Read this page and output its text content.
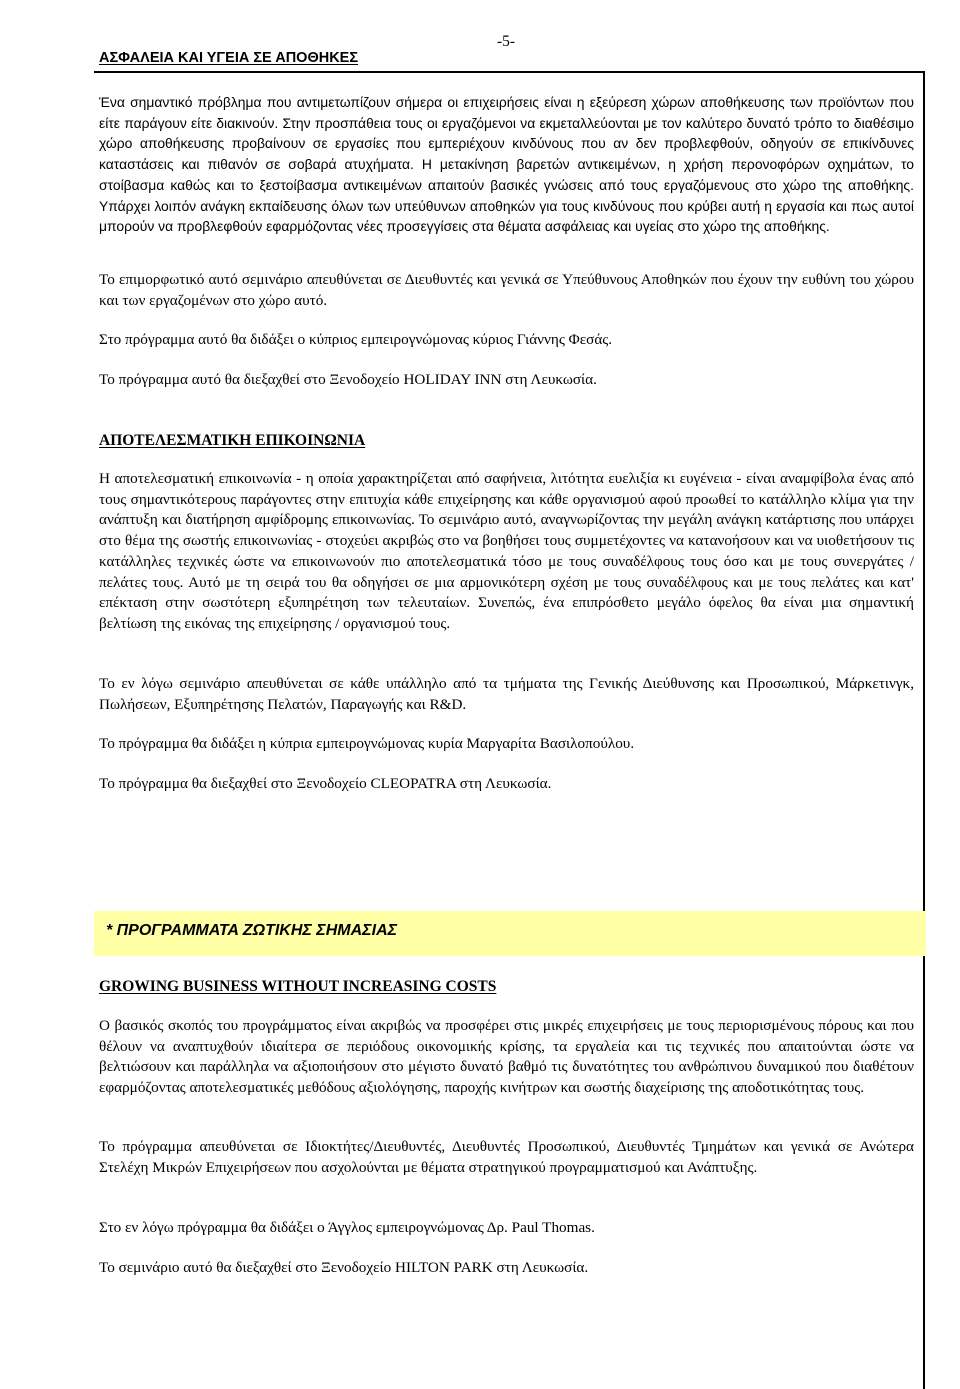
-5-
ΑΣΦΑΛΕΙΑ ΚΑΙ ΥΓΕΙΑ ΣΕ ΑΠΟΘΗΚΕΣ

Ένα σημαντικό πρόβλημα που αντιμετωπίζουν σήμερα οι επιχειρήσεις είναι η εξεύρεση χώρων αποθήκευσης των προϊόντων που είτε παράγουν είτε διακινούν. Στην προσπάθεια τους οι εργαζόμενοι να εκμεταλλεύονται με τον καλύτερο δυνατό τρόπο το διαθέσιμο χώρο αποθήκευσης προβαίνουν σε εργασίες που εμπεριέχουν κινδύνους που αν δεν προβλεφθούν, οδηγούν σε επικίνδυνες καταστάσεις και πιθανόν σε σοβαρά ατυχήματα. Η μετακίνηση βαρετών αντικειμένων, η χρήση περονοφόρων οχημάτων, το στοίβασμα καθώς και το ξεστοίβασμα αντικειμένων απαιτούν βασικές γνώσεις από τους εργαζόμενους στο χώρο της αποθήκης. Υπάρχει λοιπόν ανάγκη εκπαίδευσης όλων των υπεύθυνων αποθηκών για τους κινδύνους που κρύβει αυτή η εργασία και πως αυτοί μπορούν να προβλεφθούν εφαρμόζοντας νέες προσεγγίσεις στα θέματα ασφάλειας και υγείας στο χώρο της αποθήκης.

Το επιμορφωτικό αυτό σεμινάριο απευθύνεται σε Διευθυντές και γενικά σε Υπεύθυνους Αποθηκών που έχουν την ευθύνη του χώρου και των εργαζομένων στο χώρο αυτό.

Στο πρόγραμμα αυτό θα διδάξει ο κύπριος εμπειρογνώμονας κύριος Γιάννης Φεσάς.
Το πρόγραμμα αυτό θα διεξαχθεί στο Ξενοδοχείο HOLIDAY INN στη Λευκωσία.
ΑΠΟΤΕΛΕΣΜΑΤΙΚΗ ΕΠΙΚΟΙΝΩΝΙΑ

Η αποτελεσματική επικοινωνία - η οποία χαρακτηρίζεται από σαφήνεια, λιτότητα ευελιξία κι ευγένεια - είναι αναμφίβολα ένας από τους σημαντικότερους παράγοντες στην επιτυχία κάθε επιχείρησης και κάθε οργανισμού αφού προωθεί το κατάλληλο κλίμα για την ανάπτυξη και διατήρηση αμφίδρομης επικοινωνίας. Το σεμινάριο αυτό, αναγνωρίζοντας την μεγάλη ανάγκη κατάρτισης που υπάρχει στο θέμα της σωστής επικοινωνίας - στοχεύει ακριβώς στο να βοηθήσει τους συμμετέχοντες να κατανοήσουν και να υιοθετήσουν τις κατάλληλες τεχνικές ώστε να επικοινωνούν πιο αποτελεσματικά τόσο με τους συναδέλφους τους όσο και με τους συνεργάτες / πελάτες τους. Αυτό με τη σειρά του θα οδηγήσει σε μια αρμονικότερη σχέση με τους συναδέλφους και με τους πελάτες και κατ' επέκταση στην σωστότερη εξυπηρέτηση των τελευταίων. Συνεπώς, ένα επιπρόσθετο μεγάλο όφελος θα είναι μια σημαντική βελτίωση της εικόνας της επιχείρησης / οργανισμού τους.

Το εν λόγω σεμινάριο απευθύνεται σε κάθε υπάλληλο από τα τμήματα της Γενικής Διεύθυνσης και Προσωπικού, Μάρκετινγκ, Πωλήσεων, Εξυπηρέτησης Πελατών, Παραγωγής και R&D.

Το πρόγραμμα θα διδάξει η κύπρια εμπειρογνώμονας κυρία Μαργαρίτα Βασιλοπούλου.
Το πρόγραμμα θα διεξαχθεί στο Ξενοδοχείο CLEOPATRA στη Λευκωσία.
* ΠΡΟΓΡΑΜΜΑΤΑ ΖΩΤΙΚΗΣ ΣΗΜΑΣΙΑΣ
GROWING BUSINESS WITHOUT INCREASING COSTS

Ο βασικός σκοπός του προγράμματος είναι ακριβώς να προσφέρει στις μικρές επιχειρήσεις με τους περιορισμένους πόρους και που θέλουν να αναπτυχθούν ιδιαίτερα σε περιόδους οικονομικής κρίσης, τα εργαλεία και τις τεχνικές που απαιτούνται ώστε να βελτιώσουν και παράλληλα να αξιοποιήσουν στο μέγιστο δυνατό βαθμό τις δυνατότητες του ανθρώπινου δυναμικού που διαθέτουν εφαρμόζοντας αποτελεσματικές μεθόδους αξιολόγησης, παροχής κινήτρων και σωστής διαχείρισης της αποδοτικότητας τους.

Το πρόγραμμα απευθύνεται σε Ιδιοκτήτες/Διευθυντές, Διευθυντές Προσωπικού, Διευθυντές Τμημάτων και γενικά σε Ανώτερα Στελέχη Μικρών Επιχειρήσεων που ασχολούνται με θέματα στρατηγικού προγραμματισμού και Ανάπτυξης.

Στο εν λόγω πρόγραμμα θα διδάξει ο Άγγλος εμπειρογνώμονας Δρ. Paul Thomas.
Το σεμινάριο αυτό θα διεξαχθεί στο Ξενοδοχείο HILTON PARK στη Λευκωσία.
